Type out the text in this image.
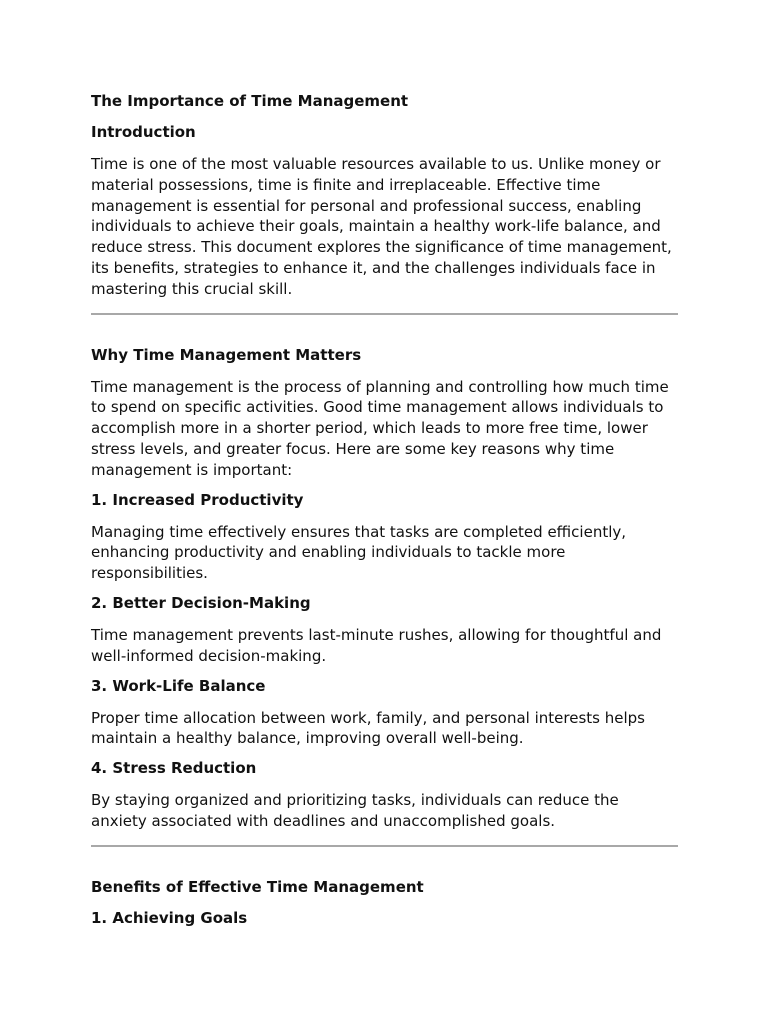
The Importance of Time Management
Introduction
Time is one of the most valuable resources available to us. Unlike money or material possessions, time is finite and irreplaceable. Effective time management is essential for personal and professional success, enabling individuals to achieve their goals, maintain a healthy work-life balance, and reduce stress. This document explores the significance of time management, its benefits, strategies to enhance it, and the challenges individuals face in mastering this crucial skill.
Why Time Management Matters
Time management is the process of planning and controlling how much time to spend on specific activities. Good time management allows individuals to accomplish more in a shorter period, which leads to more free time, lower stress levels, and greater focus. Here are some key reasons why time management is important:
1. Increased Productivity
Managing time effectively ensures that tasks are completed efficiently, enhancing productivity and enabling individuals to tackle more responsibilities.
2. Better Decision-Making
Time management prevents last-minute rushes, allowing for thoughtful and well-informed decision-making.
3. Work-Life Balance
Proper time allocation between work, family, and personal interests helps maintain a healthy balance, improving overall well-being.
4. Stress Reduction
By staying organized and prioritizing tasks, individuals can reduce the anxiety associated with deadlines and unaccomplished goals.
Benefits of Effective Time Management
1. Achieving Goals
